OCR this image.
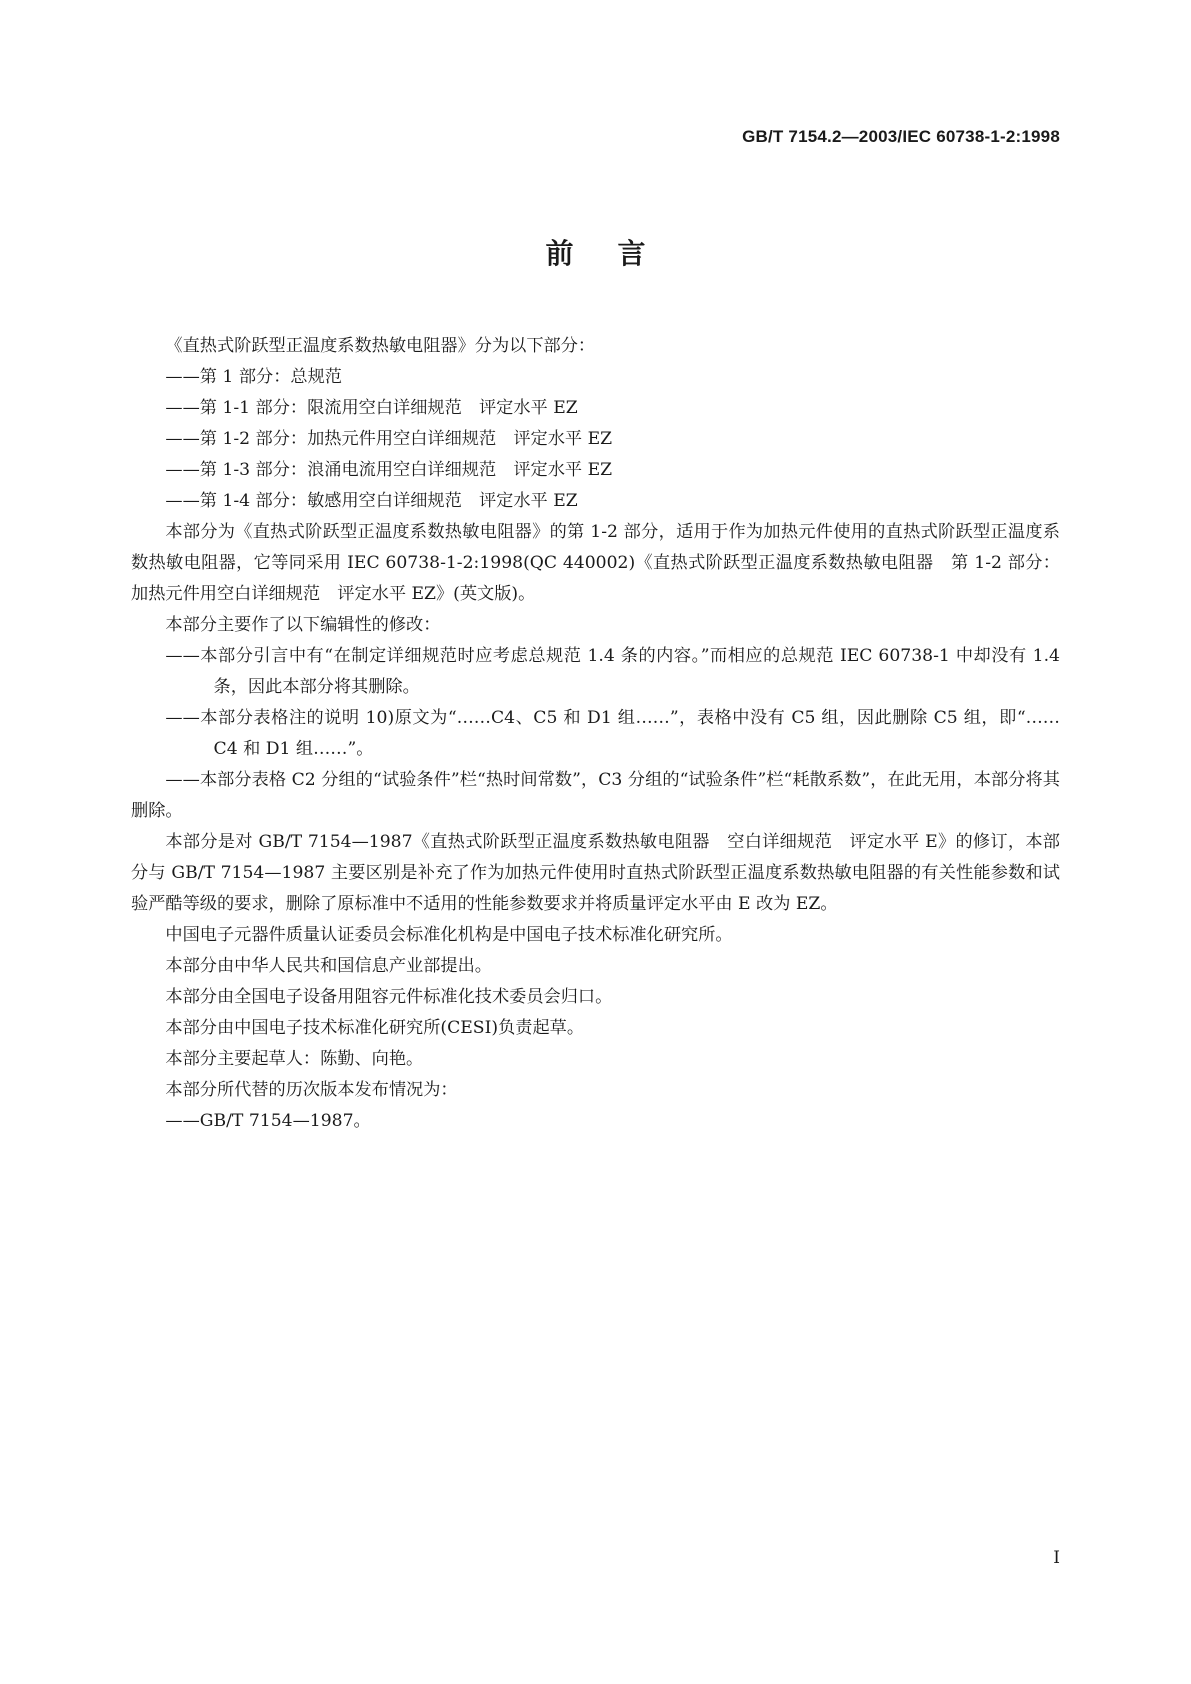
GB/T 7154.2—2003/IEC 60738-1-2:1998
前言

《直热式阶跃型正温度系数热敏电阻器》分为以下部分：

——第 1 部分：总规范

——第 1-1 部分：限流用空白详细规范　评定水平 EZ

——第 1-2 部分：加热元件用空白详细规范　评定水平 EZ

——第 1-3 部分：浪涌电流用空白详细规范　评定水平 EZ

——第 1-4 部分：敏感用空白详细规范　评定水平 EZ

本部分为《直热式阶跃型正温度系数热敏电阻器》的第 1-2 部分，适用于作为加热元件使用的直热式阶跃型正温度系数热敏电阻器，它等同采用 IEC 60738-1-2:1998(QC 440002)《直热式阶跃型正温度系数热敏电阻器　第 1-2 部分：加热元件用空白详细规范　评定水平 EZ》(英文版)。

本部分主要作了以下编辑性的修改：

——本部分引言中有“在制定详细规范时应考虑总规范 1.4 条的内容。”而相应的总规范 IEC 60738-1 中却没有 1.4 条，因此本部分将其删除。

——本部分表格注的说明 10)原文为“……C4、C5 和 D1 组……”，表格中没有 C5 组，因此删除 C5 组，即“……C4 和 D1 组……”。

——本部分表格 C2 分组的“试验条件”栏“热时间常数”，C3 分组的“试验条件”栏“耗散系数”，在此无用，本部分将其删除。

本部分是对 GB/T 7154—1987《直热式阶跃型正温度系数热敏电阻器　空白详细规范　评定水平 E》的修订，本部分与 GB/T 7154—1987 主要区别是补充了作为加热元件使用时直热式阶跃型正温度系数热敏电阻器的有关性能参数和试验严酷等级的要求，删除了原标准中不适用的性能参数要求并将质量评定水平由 E 改为 EZ。

中国电子元器件质量认证委员会标准化机构是中国电子技术标准化研究所。

本部分由中华人民共和国信息产业部提出。

本部分由全国电子设备用阻容元件标准化技术委员会归口。

本部分由中国电子技术标准化研究所(CESI)负责起草。

本部分主要起草人：陈勤、向艳。

本部分所代替的历次版本发布情况为：

——GB/T 7154—1987。

I
